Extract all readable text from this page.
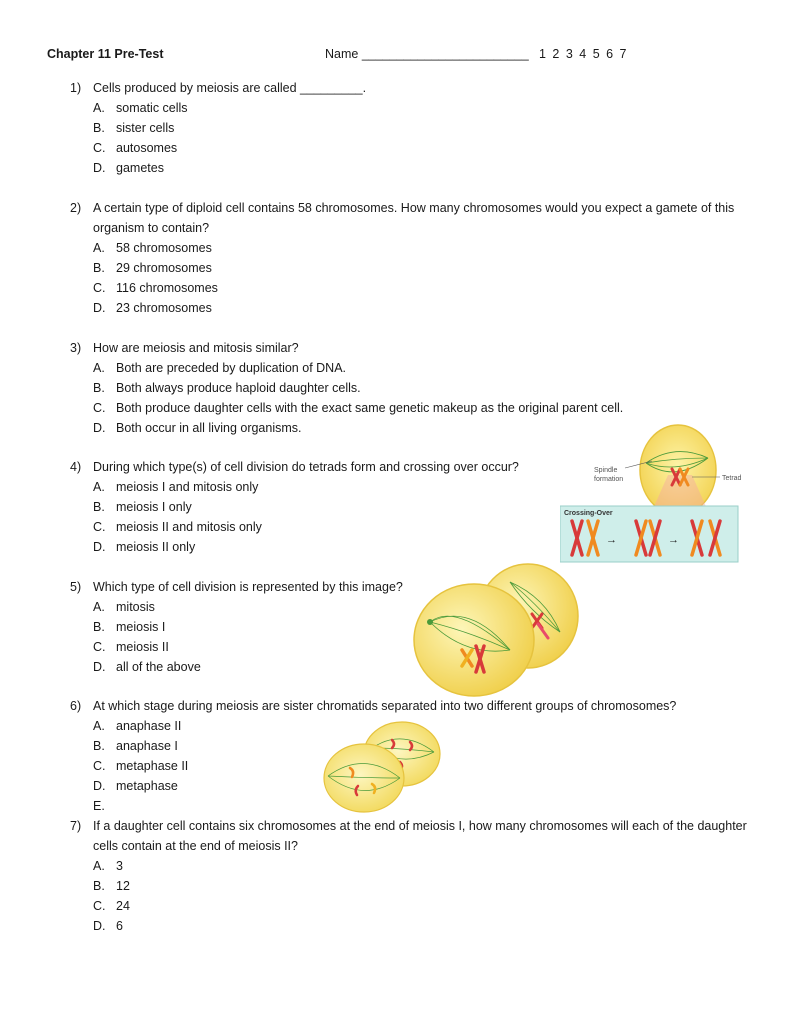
Chapter 11 Pre-Test	Name ________________________ 1 2 3 4 5 6 7
1) Cells produced by meiosis are called _________.
A. somatic cells
B. sister cells
C. autosomes
D. gametes
2) A certain type of diploid cell contains 58 chromosomes. How many chromosomes would you expect a gamete of this organism to contain?
A. 58 chromosomes
B. 29 chromosomes
C. 116 chromosomes
D. 23 chromosomes
3) How are meiosis and mitosis similar?
A. Both are preceded by duplication of DNA.
B. Both always produce haploid daughter cells.
C. Both produce daughter cells with the exact same genetic makeup as the original parent cell.
D. Both occur in all living organisms.
4) During which type(s) of cell division do tetrads form and crossing over occur?
A. meiosis I and mitosis only
B. meiosis I only
C. meiosis II and mitosis only
D. meiosis II only
5) Which type of cell division is represented by this image?
A. mitosis
B. meiosis I
C. meiosis II
D. all of the above
6) At which stage during meiosis are sister chromatids separated into two different groups of chromosomes?
A. anaphase II
B. anaphase I
C. metaphase II
D. metaphase
E.
7) If a daughter cell contains six chromosomes at the end of meiosis I, how many chromosomes will each of the daughter cells contain at the end of meiosis II?
A. 3
B. 12
C. 24
D. 6
Spindle
formation	Tetrad
Crossing-Over
→	→
